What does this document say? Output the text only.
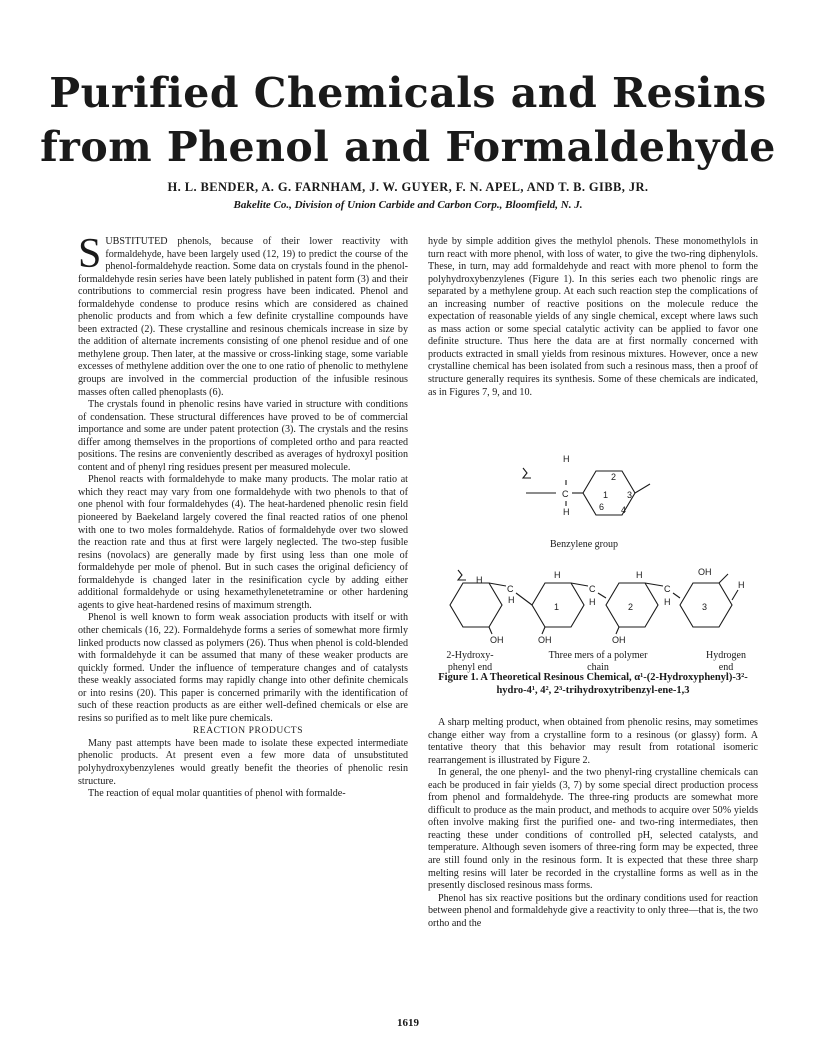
Purified Chemicals and Resins
from Phenol and Formaldehyde
H. L. BENDER, A. G. FARNHAM, J. W. GUYER, F. N. APEL, AND T. B. GIBB, JR.
Bakelite Co., Division of Union Carbide and Carbon Corp., Bloomfield, N. J.

SUBSTITUTED phenols, because of their lower reactivity with formaldehyde, have been largely used (12, 19) to predict the course of the phenol-formaldehyde reaction. Some data on crystals found in the phenol-formaldehyde resin series have been lately published in patent form (3) and their contributions to commercial resin progress have been indicated. Phenol and formaldehyde condense to produce resins which are considered as chained phenolic products and from which a few definite crystalline compounds have been extracted (2). These crystalline and resinous chemicals increase in size by the addition of alternate increments consisting of one phenol residue and of one methylene group. Then later, at the massive or cross-linking stage, some variable excesses of methylene addition over the one to one ratio of phenolic to methylene groups are involved in the commercial production of the infusible resinous masses often called phenoplasts (6).

The crystals found in phenolic resins have varied in structure with conditions of condensation. These structural differences have proved to be of commercial importance and some are under patent protection (3). The crystals and the resins differ among themselves in the proportions of completed ortho and para reacted positions. The resins are conveniently described as averages of hydroxyl position content and of phenyl ring residues present per measured molecule.

Phenol reacts with formaldehyde to make many products. The molar ratio at which they react may vary from one formaldehyde with two phenols to that of one phenol with four formaldehydes (4). The heat-hardened phenolic resin field pioneered by Baekeland largely covered the final reacted ratios of one phenol with one to two moles formaldehyde. Ratios of formaldehyde over two slowed the reaction rate and thus at first were largely neglected. The two-step fusible resins (novolacs) are generally made by first using less than one mole of formaldehyde per mole of phenol. But in such cases the original deficiency of formaldehyde is changed later in the resinification cycle by adding either additional formaldehyde or using hexamethylenetetramine or other hardening agents to give heat-hardened resins of maximum strength.

Phenol is well known to form weak association products with itself or with other chemicals (16, 22). Formaldehyde forms a series of somewhat more firmly linked products now classed as polymers (26). Thus when phenol is cold-blended with formaldehyde it can be assumed that many of these weaker products are quickly formed. Under the influence of temperature changes and of catalysts these weakly associated forms may rapidly change into other definite chemicals or into resins (20). This paper is concerned primarily with the identification of such of these reaction products as are either well-defined chemicals or else are resins so purified as to melt like pure chemicals.

REACTION PRODUCTS

Many past attempts have been made to isolate these expected intermediate phenolic products. At present even a few more data of unsubstituted polyhydroxybenzylenes would greatly benefit the theories of phenolic resin structure.

The reaction of equal molar quantities of phenol with formalde-

hyde by simple addition gives the methylol phenols. These monomethylols in turn react with more phenol, with loss of water, to give the two-ring diphenylols. These, in turn, may add formaldehyde and react with more phenol to form the polyhydroxybenzylenes (Figure 1). In this series each two phenolic rings are separated by a methylene group. At each such reaction step the complications of an increasing number of reactive positions on the molecule reduce the expectation of reasonable yields of any single chemical, except where laws such as mass action or some special catalytic activity can be applied to favor one definite structure. Thus here the data are at first normally concerned with products extracted in small yields from resinous mixtures. However, once a new crystalline chemical has been isolated from such a resinous mass, then a proof of structure generally requires its synthesis. Some of these chemicals are indicated, as in Figures 7, 9, and 10.

H
C
H
1
2
3
4
6
H
C
H
H
C
H
H
C
H
OH
H
OH	OH	OH
1	2	3
Benzylene group
2-Hydroxy-
phenyl end
Three mers of a polymer
chain
Hydrogen
end
Figure 1. A Theoretical Resinous Chemical, α¹-(2-Hydroxyphenyl)-3²-hydro-4¹, 4², 2³-trihydroxytribenzyl-ene-1,3

A sharp melting product, when obtained from phenolic resins, may sometimes change either way from a crystalline form to a resinous (or glassy) form. A tentative theory that this behavior may result from rotational isomeric rearrangement is illustrated by Figure 2.

In general, the one phenyl- and the two phenyl-ring crystalline chemicals can each be produced in fair yields (3, 7) by some special direct production process from phenol and formaldehyde. The three-ring products are somewhat more difficult to produce as the main product, and methods to acquire over 50% yields often involve making first the purified one- and two-ring intermediates, then reacting these under conditions of controlled pH, selected catalysts, and temperature. Although seven isomers of three-ring form may be expected, three are still found only in the resinous form. It is expected that these three sharp melting resins will later be recorded in the crystalline forms as well as in the presently disclosed resinous mass forms.

Phenol has six reactive positions but the ordinary conditions used for reaction between phenol and formaldehyde give a reactivity to only three—that is, the two ortho and the

1619
